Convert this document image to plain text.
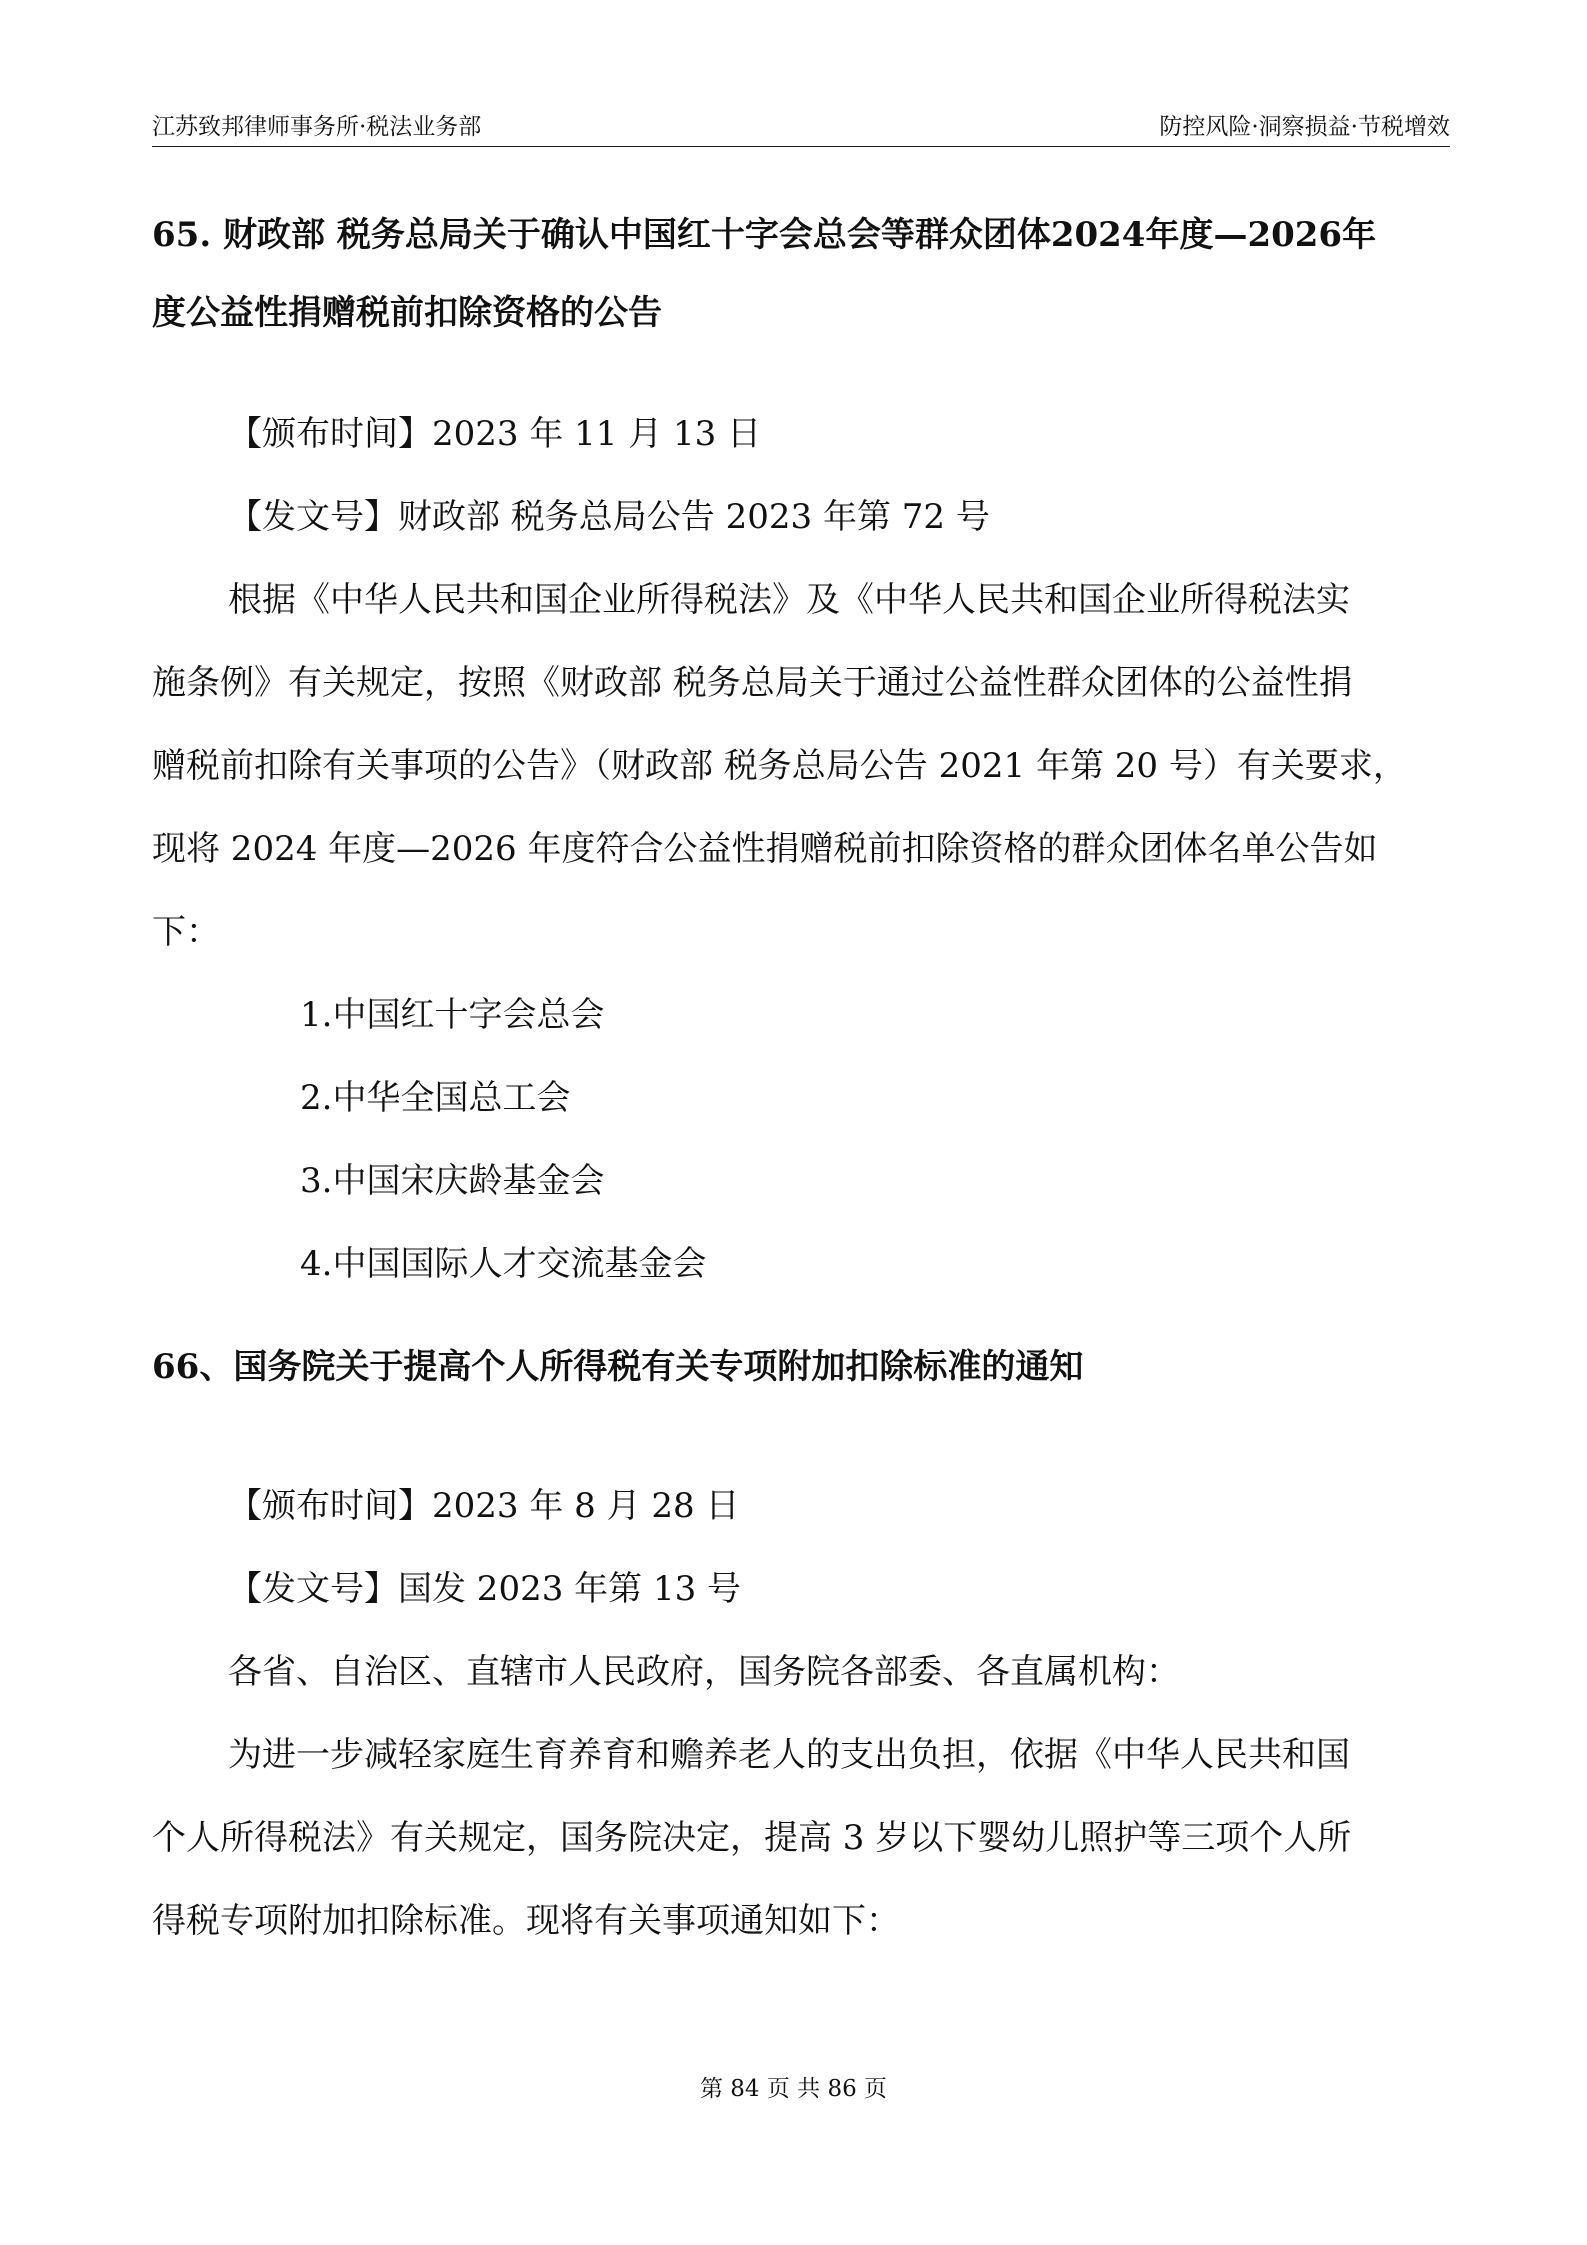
江苏致邦律师事务所·税法业务部	防控风险·洞察损益·节税增效
65. 财政部 税务总局关于确认中国红十字会总会等群众团体2024年度—2026年
度公益性捐赠税前扣除资格的公告
【颁布时间】2023 年 11 月 13 日
【发文号】财政部 税务总局公告 2023 年第 72 号
根据《中华人民共和国企业所得税法》及《中华人民共和国企业所得税法实
施条例》有关规定，按照《财政部 税务总局关于通过公益性群众团体的公益性捐
赠税前扣除有关事项的公告》（财政部 税务总局公告 2021 年第 20 号）有关要求，
现将 2024 年度—2026 年度符合公益性捐赠税前扣除资格的群众团体名单公告如
下：
1.中国红十字会总会
2.中华全国总工会
3.中国宋庆龄基金会
4.中国国际人才交流基金会
66、国务院关于提高个人所得税有关专项附加扣除标准的通知
【颁布时间】2023 年 8 月 28 日
【发文号】国发 2023 年第 13 号
各省、自治区、直辖市人民政府，国务院各部委、各直属机构：
为进一步减轻家庭生育养育和赡养老人的支出负担，依据《中华人民共和国
个人所得税法》有关规定，国务院决定，提高 3 岁以下婴幼儿照护等三项个人所
得税专项附加扣除标准。现将有关事项通知如下：
第 84 页 共 86 页
